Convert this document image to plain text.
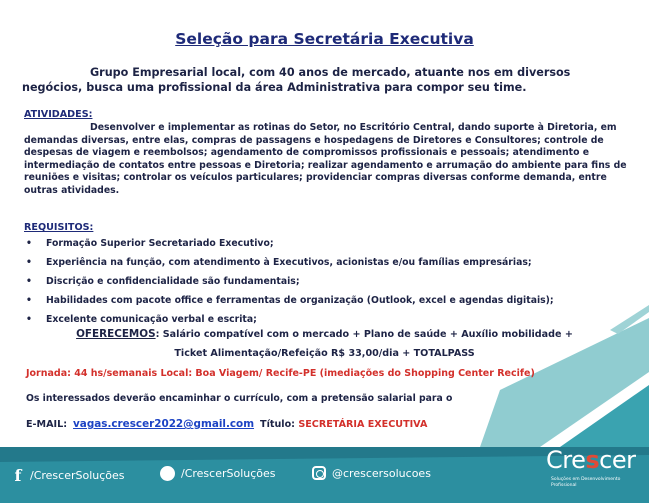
Seleção para Secretária Executiva
Grupo Empresarial local, com 40 anos de mercado, atuante nos em diversos negócios, busca uma profissional da área Administrativa para compor seu time.
ATIVIDADES:
Desenvolver e implementar as rotinas do Setor, no Escritório Central, dando suporte à Diretoria, em demandas diversas, entre elas, compras de passagens e hospedagens de Diretores e Consultores; controle de despesas de viagem e reembolsos; agendamento de compromissos profissionais e pessoais; atendimento e intermediação de contatos entre pessoas e Diretoria; realizar agendamento e arrumação do ambiente para fins de reuniões e visitas; controlar os veículos particulares; providenciar compras diversas conforme demanda, entre outras atividades.
REQUISITOS:
• Formação Superior Secretariado Executivo;
• Experiência na função, com atendimento à Executivos, acionistas e/ou famílias empresárias;
• Discrição e confidencialidade são fundamentais;
• Habilidades com pacote office e ferramentas de organização (Outlook, excel e agendas digitais);
• Excelente comunicação verbal e escrita;
OFERECEMOS: Salário compatível com o mercado + Plano de saúde + Auxílio mobilidade +
Ticket Alimentação/Refeição R$ 33,00/dia + TOTALPASS
Jornada: 44 hs/semanais Local: Boa Viagem/ Recife-PE (imediações do Shopping Center Recife)
Os interessados deverão encaminhar o currículo, com a pretensão salarial para o
E-MAIL: vagas.crescer2022@gmail.com Título: SECRETÁRIA EXECUTIVA
f /CrescerSoluções	in /CrescerSoluções	@crescersolucoes	Crescer
Soluções em Desenvolvimento Profissional
